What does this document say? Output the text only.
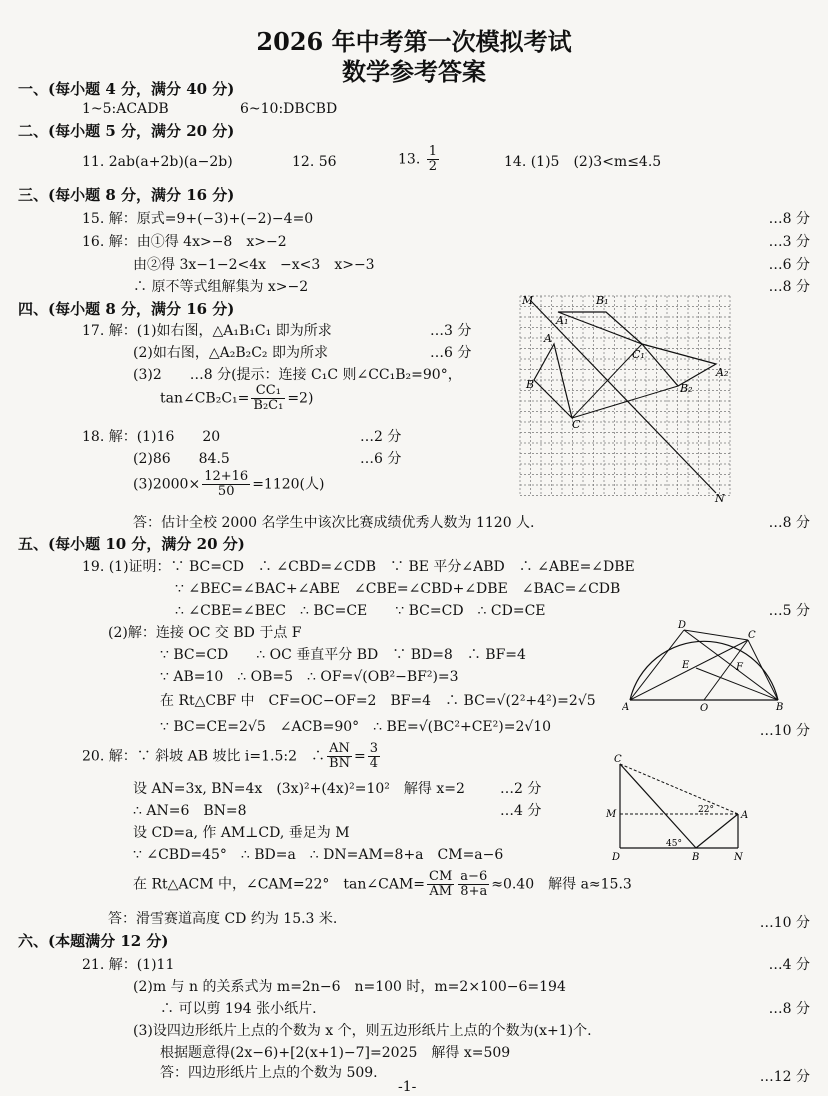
2026 年中考第一次模拟考试
数学参考答案
一、(每小题 4 分，满分 40 分)
1~5:ACADB	6~10:DBCBD
二、(每小题 5 分，满分 20 分)
11. 2ab(a+2b)(a−2b)	12. 56	13. $\frac{1}{2}$	14. (1)5　(2)3<m≤4.5
三、(每小题 8 分，满分 16 分)
15. 解：原式=9+(−3)+(−2)−4=0	…8 分
16. 解：由①得 4x>−8　x>−2	…3 分
由②得 3x−1−2<4x　−x<3　x>−3	…6 分
∴ 原不等式组解集为 x>−2	…8 分
四、(每小题 8 分，满分 16 分)
17. 解：(1)如右图，△A₁B₁C₁ 即为所求	…3 分
(2)如右图，△A₂B₂C₂ 即为所求	…6 分
(3)2　　…8 分(提示：连接 C₁C 则∠CC₁B₂=90°，
tan∠CB₂C₁= $\frac{\text{CC₁}}{\text{B₂C₁}} =2$)
18. 解：(1)16　　20	…2 分
(2)86　　84.5	…6 分
$(3)2000\times \frac{12+16}{50} =1120$(人)
答：估计全校 2000 名学生中该次比赛成绩优秀人数为 1120 人.	…8 分
M
N
A
B
C
A₁
B₁
C₁
A₂
B₂
五、(每小题 10 分，满分 20 分)
19. (1)证明：∵ BC=CD　∴ ∠CBD=∠CDB　∵ BE 平分∠ABD　∴ ∠ABE=∠DBE
∵ ∠BEC=∠BAC+∠ABE　∠CBE=∠CBD+∠DBE　∠BAC=∠CDB
∴ ∠CBE=∠BEC　∴ BC=CE　　∵ BC=CD　∴ CD=CE	…5 分
(2)解：连接 OC 交 BD 于点 F
∵ BC=CD　　∴ OC 垂直平分 BD　∵ BD=8　∴ BF=4
∵ AB=10　∴ OB=5　∴ OF=√(OB²−BF²)=3
在 Rt△CBF 中　CF=OC−OF=2　BF=4　∴ BC=√(2²+4²)=2√5
∵ BC=CE=2√5　∠ACB=90°　∴ BE=√(BC²+CE²)=2√10	…10 分
A	B
C
D
E	F
O
20. 解：∵ 斜坡 AB 坡比 i=1.5:2　∴ $\frac{AN}{BN} = \frac{3}{4}$
设 AN=3x, BN=4x　(3x)²+(4x)²=10²　解得 x=2	…2 分
∴ AN=6　BN=8	…4 分
设 CD=a, 作 AM⊥CD, 垂足为 M
∵ ∠CBD=45°　∴ BD=a　∴ DN=AM=8+a　CM=a−6
在 Rt△ACM 中，∠CAM=22°　tan∠CAM= $\frac{CM}{AM} \frac{a-6}{8+a} \approx 0.40$　解得 a≈15.3
答：滑雪赛道高度 CD 约为 15.3 米.	…10 分
C
M
D	B	N
A
22°
45°
六、(本题满分 12 分)
21. 解：(1)11	…4 分
(2)m 与 n 的关系式为 m=2n−6　n=100 时，m=2×100−6=194
∴ 可以剪 194 张小纸片.	…8 分
(3)设四边形纸片上点的个数为 x 个，则五边形纸片上点的个数为(x+1)个.
根据题意得(2x−6)+[2(x+1)−7]=2025　解得 x=509
答：四边形纸片上点的个数为 509.	…12 分
-1-
